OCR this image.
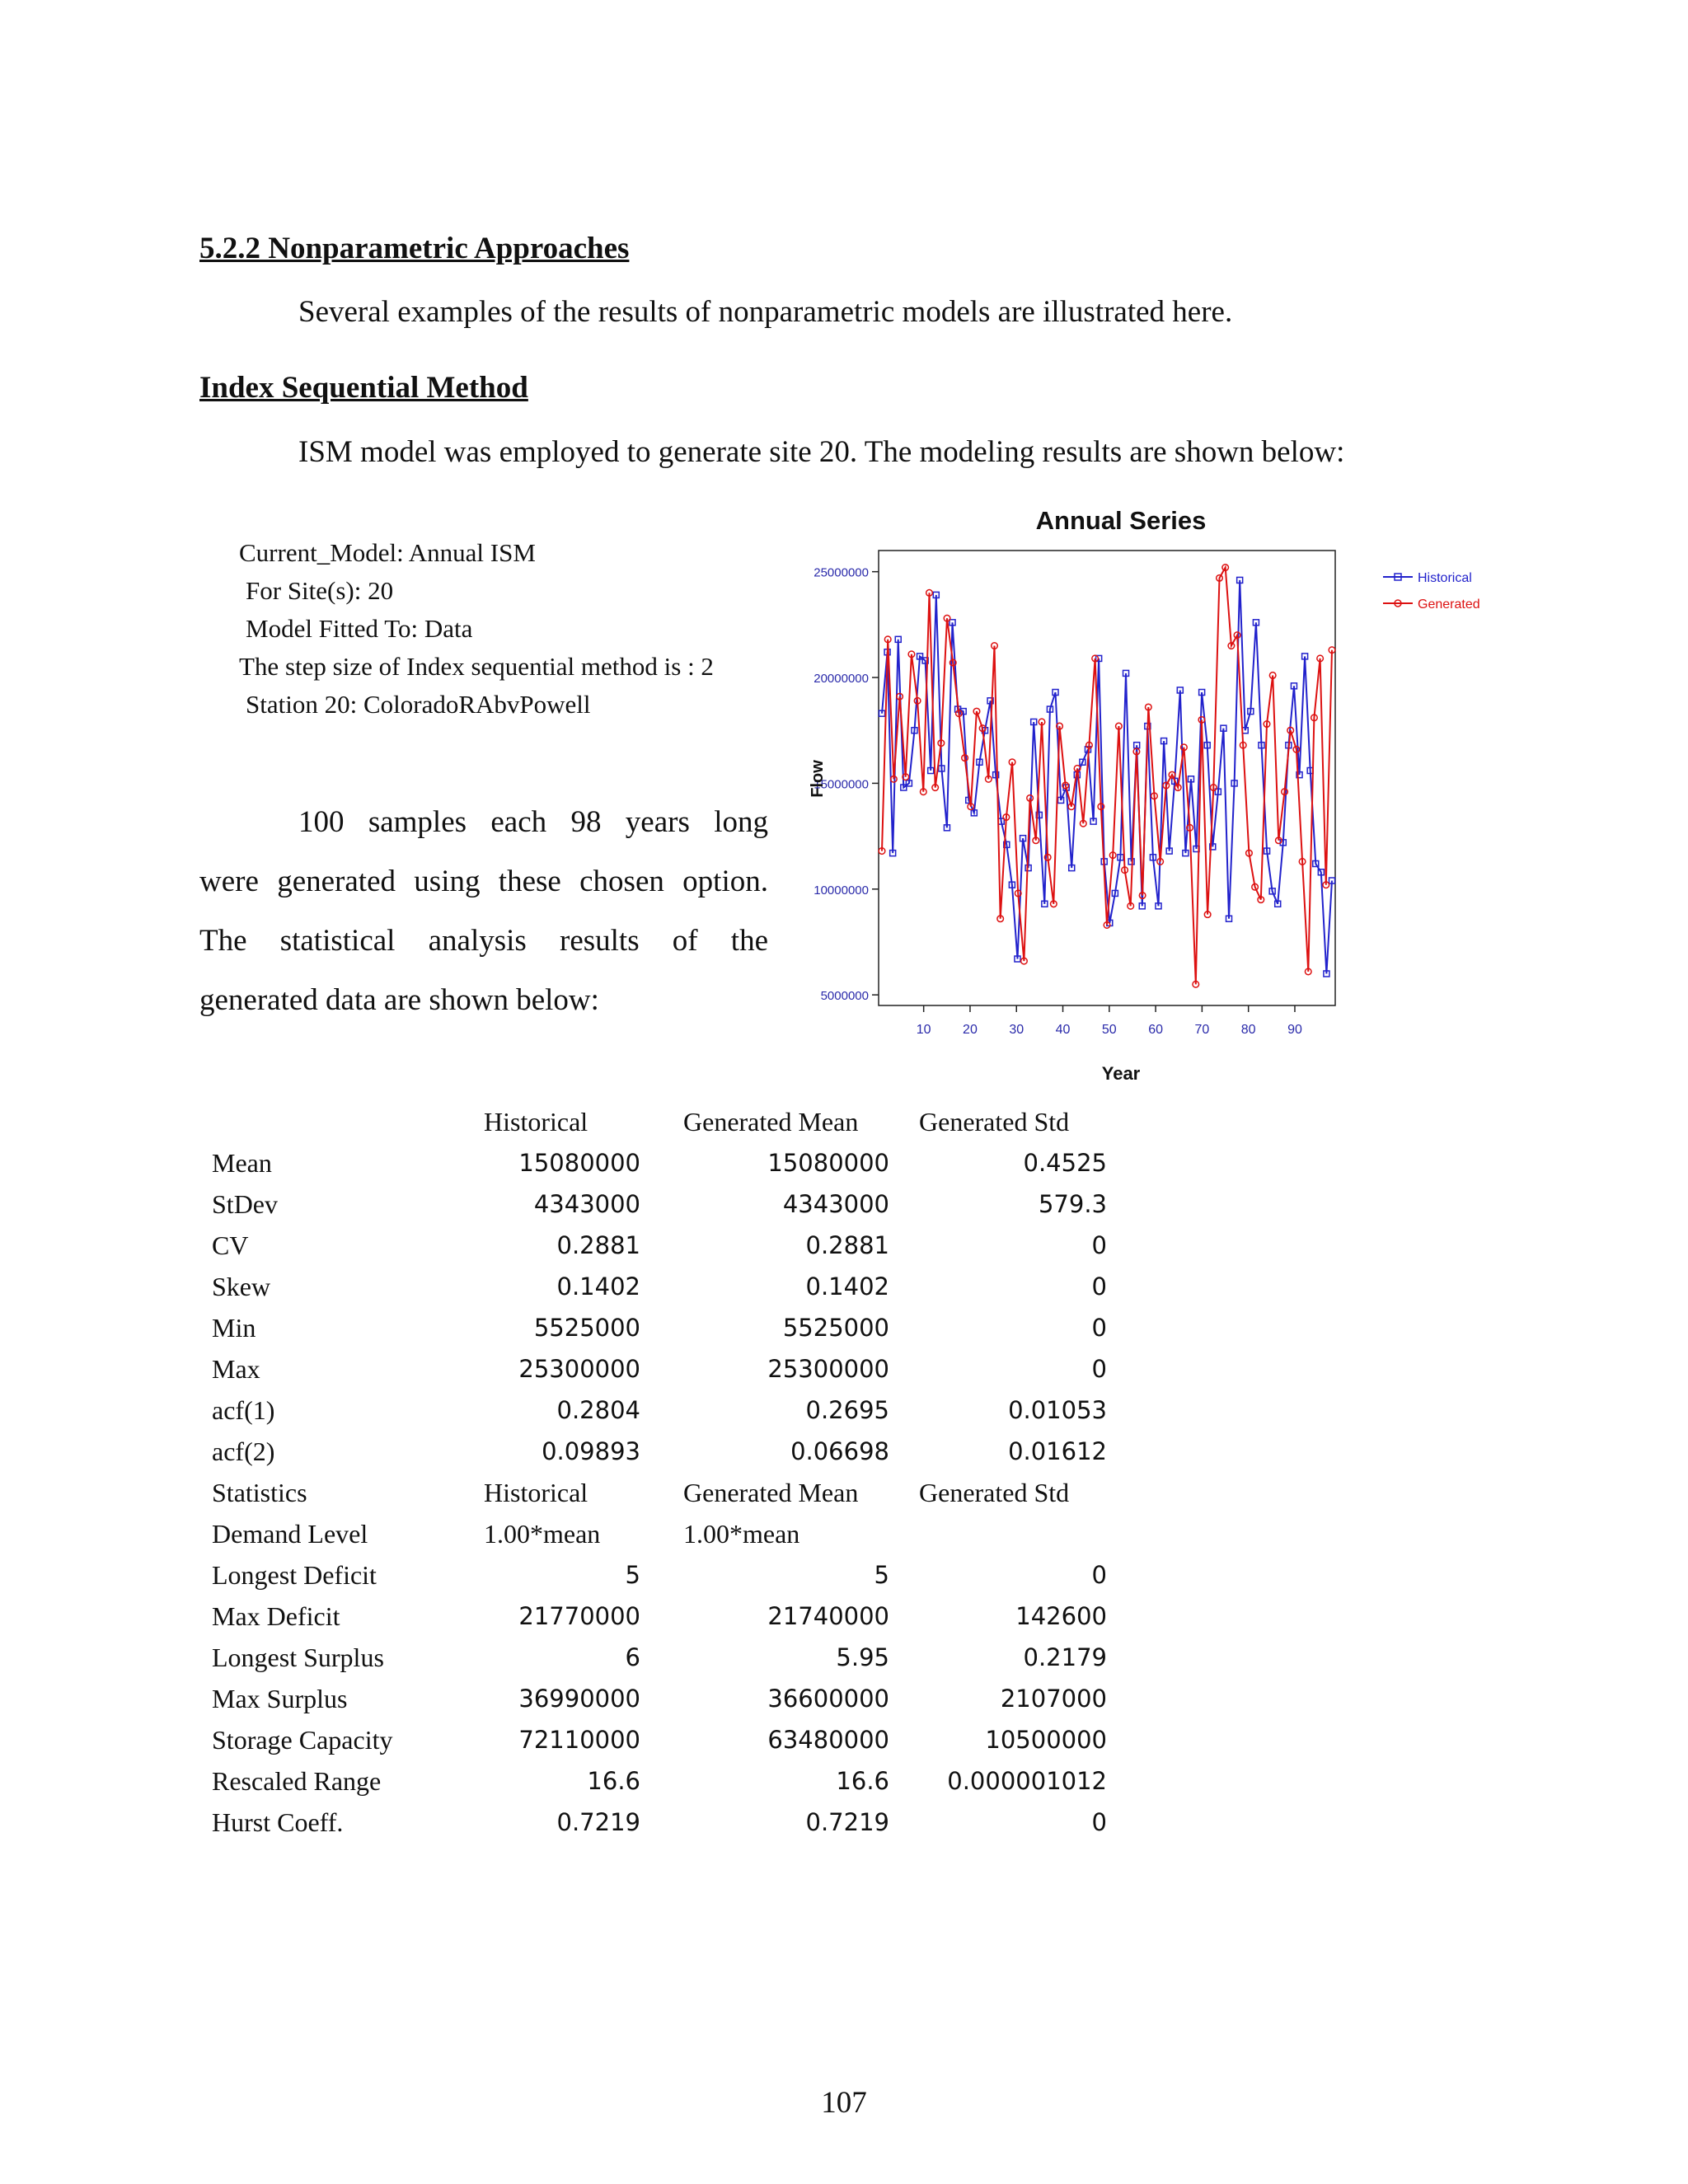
5.2.2 Nonparametric Approaches
Several examples of the results of nonparametric models are illustrated here.
Index Sequential Method
ISM model was employed to generate site 20. The modeling results are shown below:
Current_Model: Annual ISM
For Site(s): 20
Model Fitted To: Data
The step size of Index sequential method is : 2
Station 20: ColoradoRAbvPowell
100 samples each 98 years long
were generated using these chosen option.
The statistical analysis results of the
generated data are shown below:
Annual Series
5000000
10000000
15000000
20000000
25000000
10 20 30 40 50 60 70 80 90
Flow
Year
Historical
Generated
	Historical	Generated Mean	Generated Std
Mean	15080000	15080000	0.4525
StDev	4343000	4343000	579.3
CV	0.2881	0.2881	0
Skew	0.1402	0.1402	0
Min	5525000	5525000	0
Max	25300000	25300000	0
acf(1)	0.2804	0.2695	0.01053
acf(2)	0.09893	0.06698	0.01612
Statistics	Historical	Generated Mean	Generated Std
Demand Level	1.00*mean	1.00*mean	
Longest Deficit	5	5	0
Max Deficit	21770000	21740000	142600
Longest Surplus	6	5.95	0.2179
Max Surplus	36990000	36600000	2107000
Storage Capacity	72110000	63480000	10500000
Rescaled Range	16.6	16.6	0.000001012
Hurst Coeff.	0.7219	0.7219	0
107
